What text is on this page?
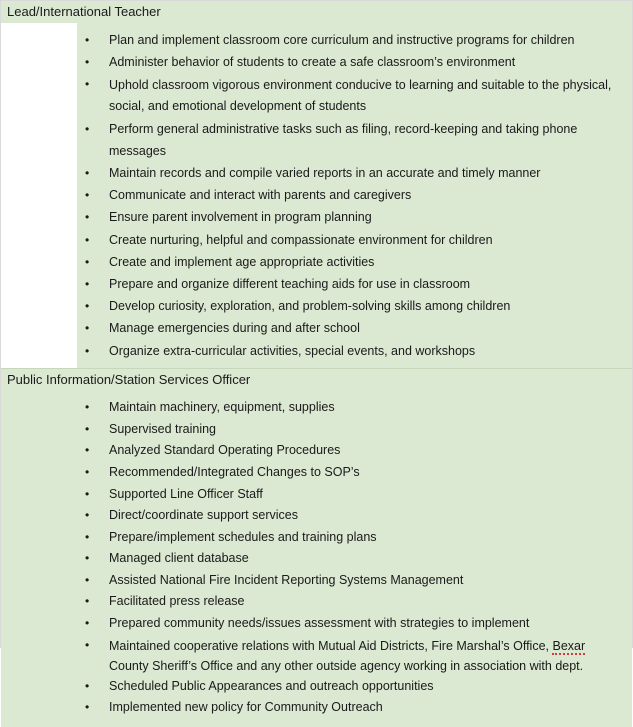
Lead/International Teacher
• Plan and implement classroom core curriculum and instructive programs for children
• Administer behavior of students to create a safe classroom’s environment
• Uphold classroom vigorous environment conducive to learning and suitable to the physical, social, and emotional development of students
• Perform general administrative tasks such as filing, record-keeping and taking phone messages
• Maintain records and compile varied reports in an accurate and timely manner
• Communicate and interact with parents and caregivers
• Ensure parent involvement in program planning
• Create nurturing, helpful and compassionate environment for children
• Create and implement age appropriate activities
• Prepare and organize different teaching aids for use in classroom
• Develop curiosity, exploration, and problem-solving skills among children
• Manage emergencies during and after school
• Organize extra-curricular activities, special events, and workshops
Public Information/Station Services Officer
• Maintain machinery, equipment, supplies
• Supervised training
• Analyzed Standard Operating Procedures
• Recommended/Integrated Changes to SOP’s
• Supported Line Officer Staff
• Direct/coordinate support services
• Prepare/implement schedules and training plans
• Managed client database
• Assisted National Fire Incident Reporting Systems Management
• Facilitated press release
• Prepared community needs/issues assessment with strategies to implement
• Maintained cooperative relations with Mutual Aid Districts, Fire Marshal’s Office, Bexar County Sheriff’s Office and any other outside agency working in association with dept.
• Scheduled Public Appearances and outreach opportunities
• Implemented new policy for Community Outreach
